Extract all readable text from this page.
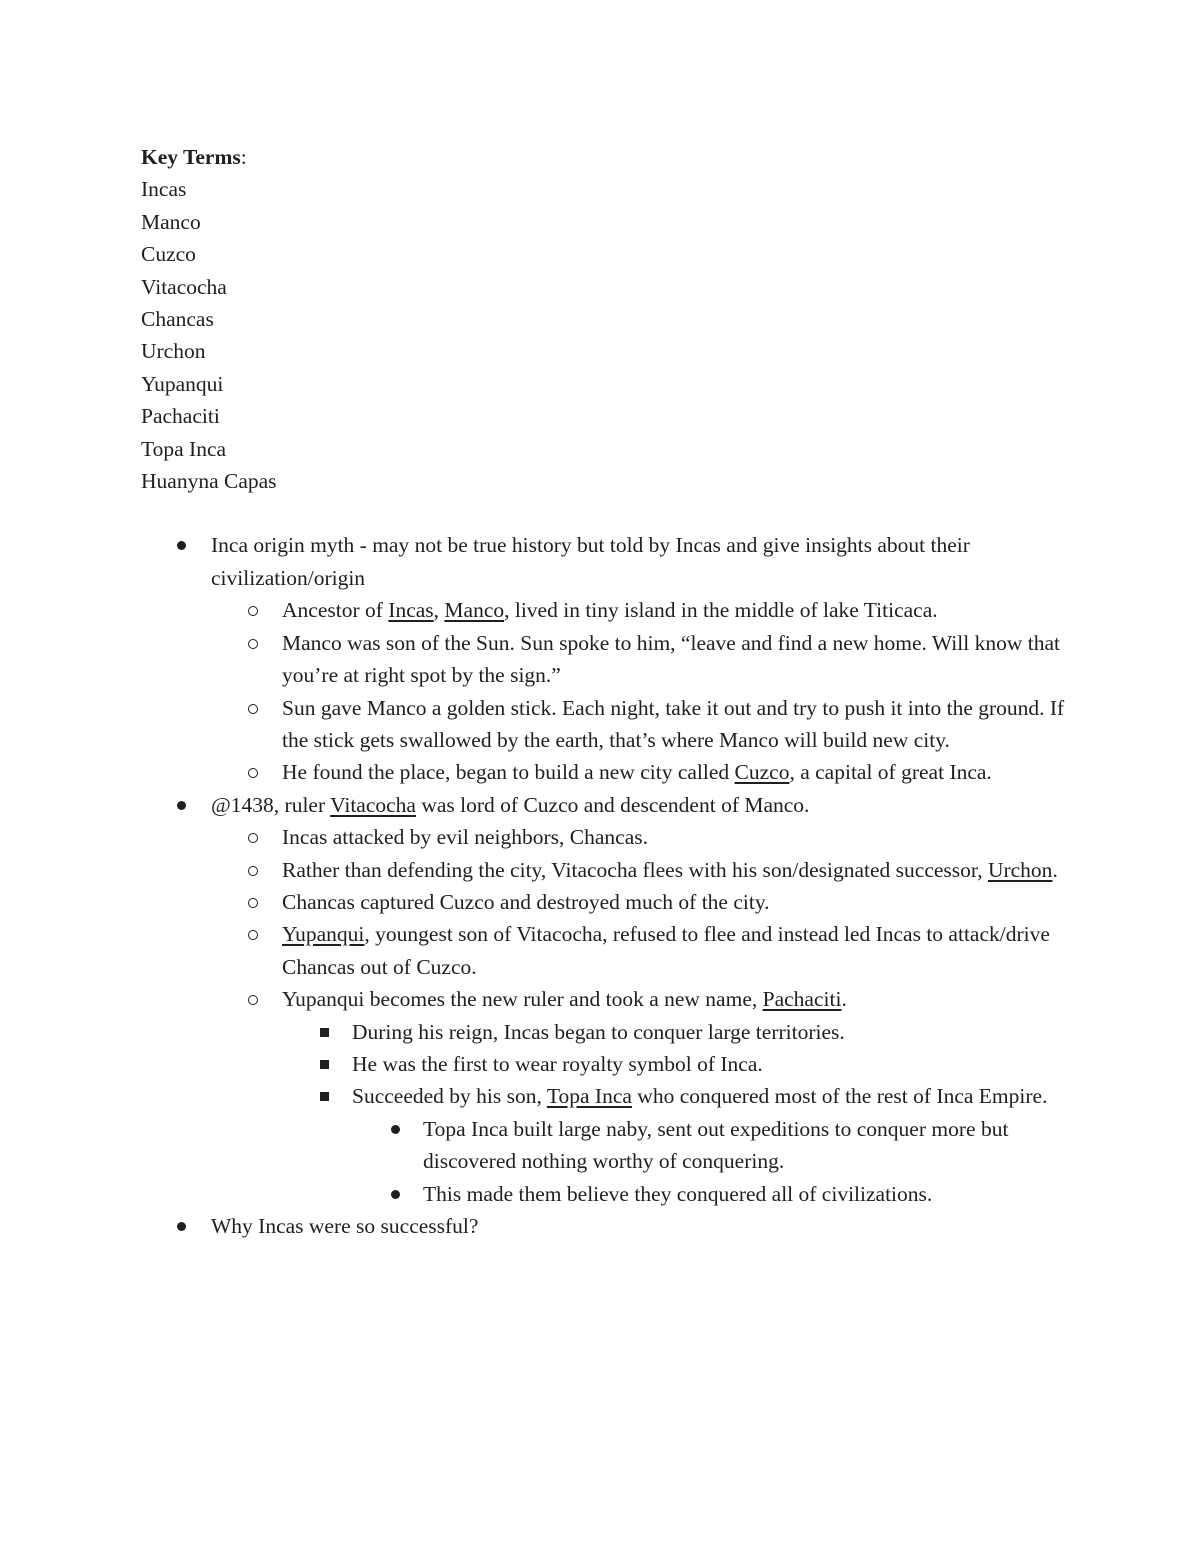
Key Terms:

Incas

Manco

Cuzco

Vitacocha

Chancas

Urchon

Yupanqui

Pachaciti

Topa Inca

Huanyna Capas

Inca origin myth - may not be true history but told by Incas and give insights about their civilization/origin
Ancestor of Incas, Manco, lived in tiny island in the middle of lake Titicaca.
Manco was son of the Sun. Sun spoke to him, “leave and find a new home. Will know that you’re at right spot by the sign.”
Sun gave Manco a golden stick. Each night, take it out and try to push it into the ground. If the stick gets swallowed by the earth, that’s where Manco will build new city.
He found the place, began to build a new city called Cuzco, a capital of great Inca.
@1438, ruler Vitacocha was lord of Cuzco and descendent of Manco.
Incas attacked by evil neighbors, Chancas.
Rather than defending the city, Vitacocha flees with his son/designated successor, Urchon.
Chancas captured Cuzco and destroyed much of the city.
Yupanqui, youngest son of Vitacocha, refused to flee and instead led Incas to attack/drive Chancas out of Cuzco.
Yupanqui becomes the new ruler and took a new name, Pachaciti.
During his reign, Incas began to conquer large territories.
He was the first to wear royalty symbol of Inca.
Succeeded by his son, Topa Inca who conquered most of the rest of Inca Empire.
Topa Inca built large naby, sent out expeditions to conquer more but discovered nothing worthy of conquering.
This made them believe they conquered all of civilizations.
Why Incas were so successful?
